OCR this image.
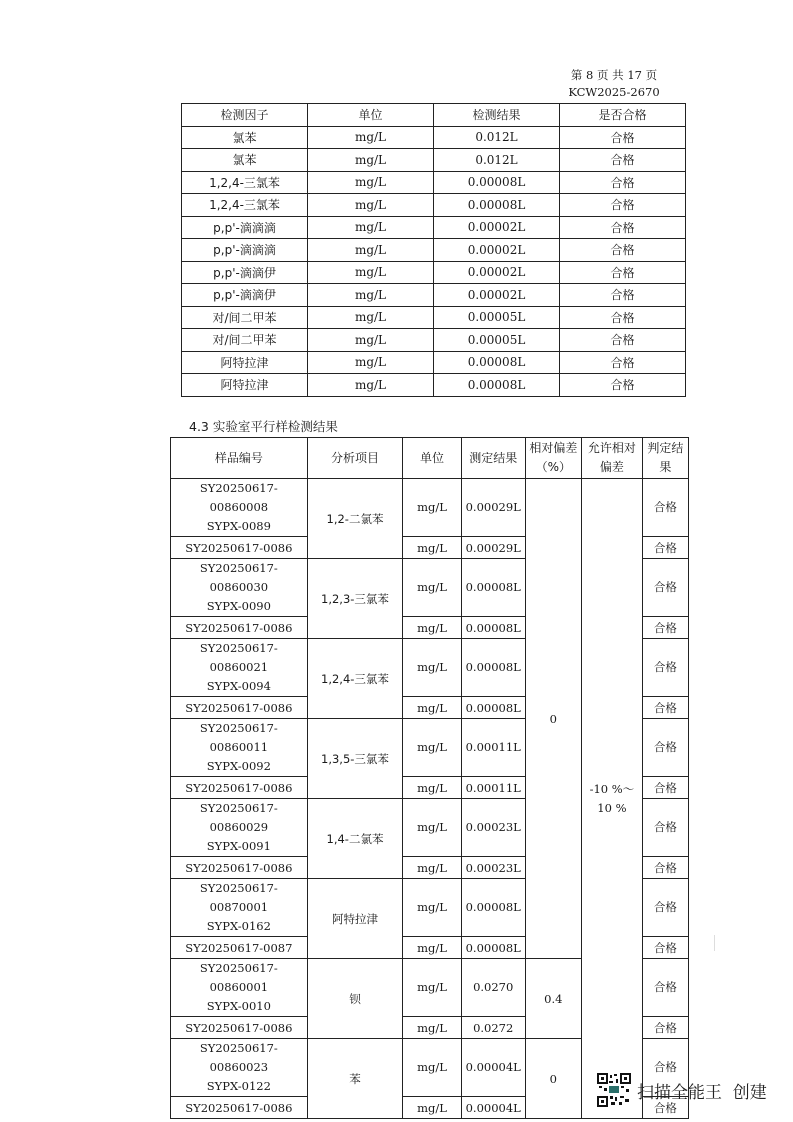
第 8 页 共 17 页
KCW2025-2670
检测因子	单位	检测结果	是否合格
氯苯	mg/L	0.012L	合格
氯苯	mg/L	0.012L	合格
1,2,4-三氯苯	mg/L	0.00008L	合格
1,2,4-三氯苯	mg/L	0.00008L	合格
p,p'-滴滴滴	mg/L	0.00002L	合格
p,p'-滴滴滴	mg/L	0.00002L	合格
p,p'-滴滴伊	mg/L	0.00002L	合格
p,p'-滴滴伊	mg/L	0.00002L	合格
对/间二甲苯	mg/L	0.00005L	合格
对/间二甲苯	mg/L	0.00005L	合格
阿特拉津	mg/L	0.00008L	合格
阿特拉津	mg/L	0.00008L	合格
4.3 实验室平行样检测结果
样品编号	分析项目	单位	测定结果	相对偏差（%）	允许相对偏差	判定结果

SY20250617-00860008
SYPX-0089	1,2-二氯苯	mg/L	0.00029L	0	-10 %～ 10 %	合格
SY20250617-0086		mg/L	0.00029L			合格

SY20250617-00860030
SYPX-0090	1,2,3-三氯苯	mg/L	0.00008L			合格
SY20250617-0086		mg/L	0.00008L			合格

SY20250617-00860021
SYPX-0094	1,2,4-三氯苯	mg/L	0.00008L			合格
SY20250617-0086		mg/L	0.00008L			合格

SY20250617-00860011
SYPX-0092	1,3,5-三氯苯	mg/L	0.00011L			合格
SY20250617-0086		mg/L	0.00011L			合格

SY20250617-00860029
SYPX-0091	1,4-二氯苯	mg/L	0.00023L			合格
SY20250617-0086		mg/L	0.00023L			合格

SY20250617-00870001
SYPX-0162	阿特拉津	mg/L	0.00008L			合格
SY20250617-0087		mg/L	0.00008L			合格

SY20250617-00860001
SYPX-0010	钡	mg/L	0.0270	0.4		合格
SY20250617-0086		mg/L	0.0272			合格

SY20250617-00860023
SYPX-0122	苯	mg/L	0.00004L	0		合格
SY20250617-0086		mg/L	0.00004L			合格
扫描全能王  创建
